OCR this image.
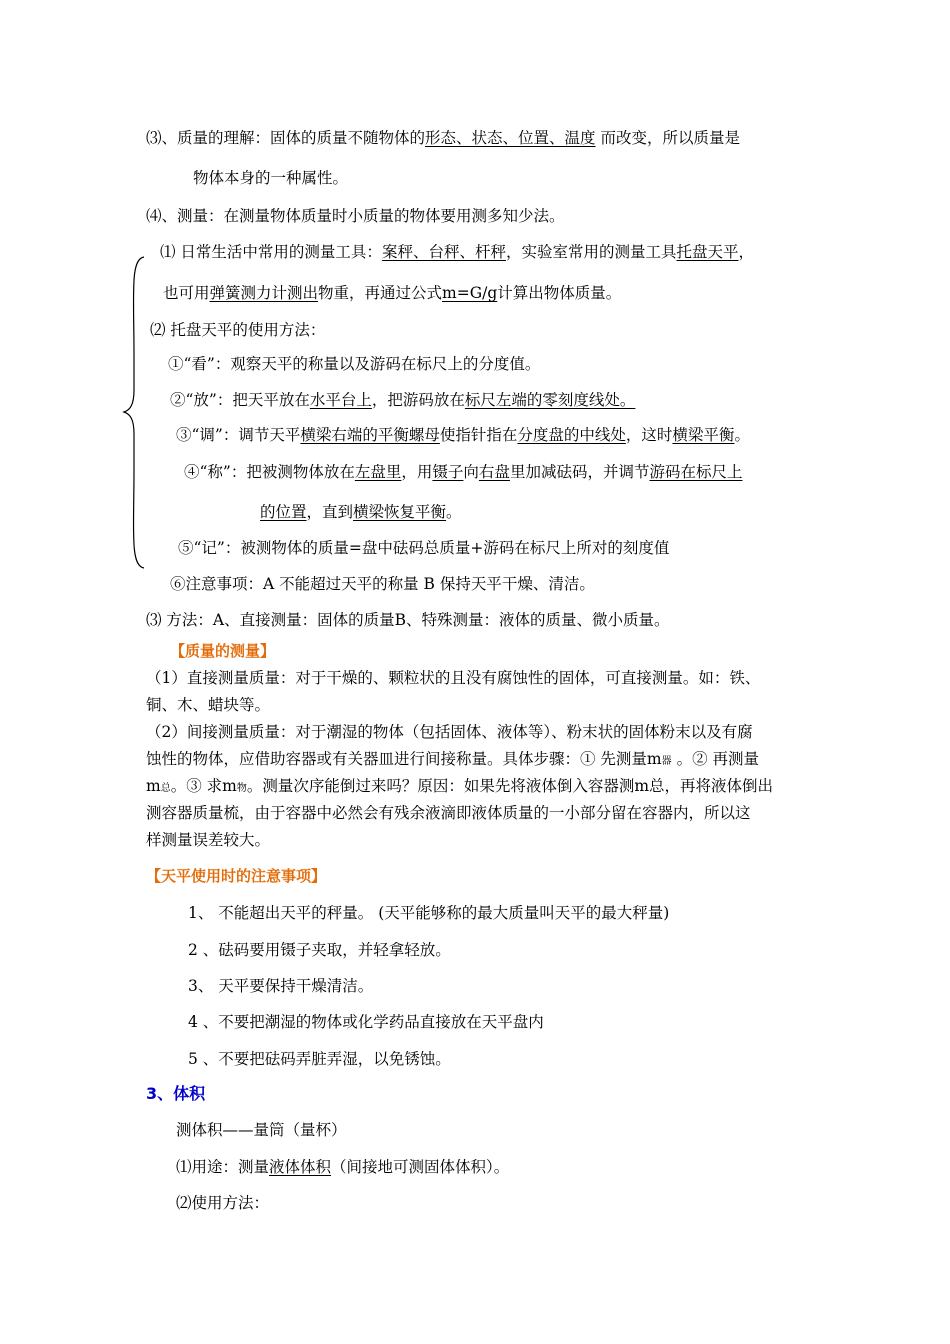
⑶、质量的理解：固体的质量不随物体的形态、状态、位置、温度 而改变，所以质量是
物体本身的一种属性。
⑷、测量：在测量物体质量时小质量的物体要用测多知少法。
⑴ 日常生活中常用的测量工具：案秤、台秤、杆秤，实验室常用的测量工具托盘天平，
也可用弹簧测力计测出物重，再通过公式m=G/g计算出物体质量。
⑵ 托盘天平的使用方法：
①“看”：观察天平的称量以及游码在标尺上的分度值。
②“放”：把天平放在水平台上，把游码放在标尺左端的零刻度线处。
③“调”：调节天平横梁右端的平衡螺母使指针指在分度盘的中线处，这时横梁平衡。
④“称”：把被测物体放在左盘里，用镊子向右盘里加减砝码，并调节游码在标尺上
的位置，直到横梁恢复平衡。
⑤“记”：被测物体的质量=盘中砝码总质量+游码在标尺上所对的刻度值
⑥注意事项：A 不能超过天平的称量 B 保持天平干燥、清洁。
⑶ 方法：A、直接测量：固体的质量B、特殊测量：液体的质量、微小质量。
【质量的测量】
（1）直接测量质量：对于干燥的、颗粒状的且没有腐蚀性的固体，可直接测量。如：铁、
铜、木、蜡块等。
（2）间接测量质量：对于潮湿的物体（包括固体、液体等）、粉末状的固体粉末以及有腐
蚀性的物体，应借助容器或有关器皿进行间接称量。具体步骤：① 先测量m器 。② 再测量
m总。③ 求m物。测量次序能倒过来吗？原因：如果先将液体倒入容器测m总，再将液体倒出
测容器质量梳，由于容器中必然会有残余液滴即液体质量的一小部分留在容器内，所以这
样测量误差较大。
【天平使用时的注意事项】
1、 不能超出天平的秤量。 (天平能够称的最大质量叫天平的最大秤量)
2 、砝码要用镊子夹取，并轻拿轻放。
3、 天平要保持干燥清洁。
4 、不要把潮湿的物体或化学药品直接放在天平盘内
5 、不要把砝码弄脏弄湿，以免锈蚀。
3、体积
测体积——量筒（量杯）
⑴用途：测量液体体积（间接地可测固体体积）。
⑵使用方法：
